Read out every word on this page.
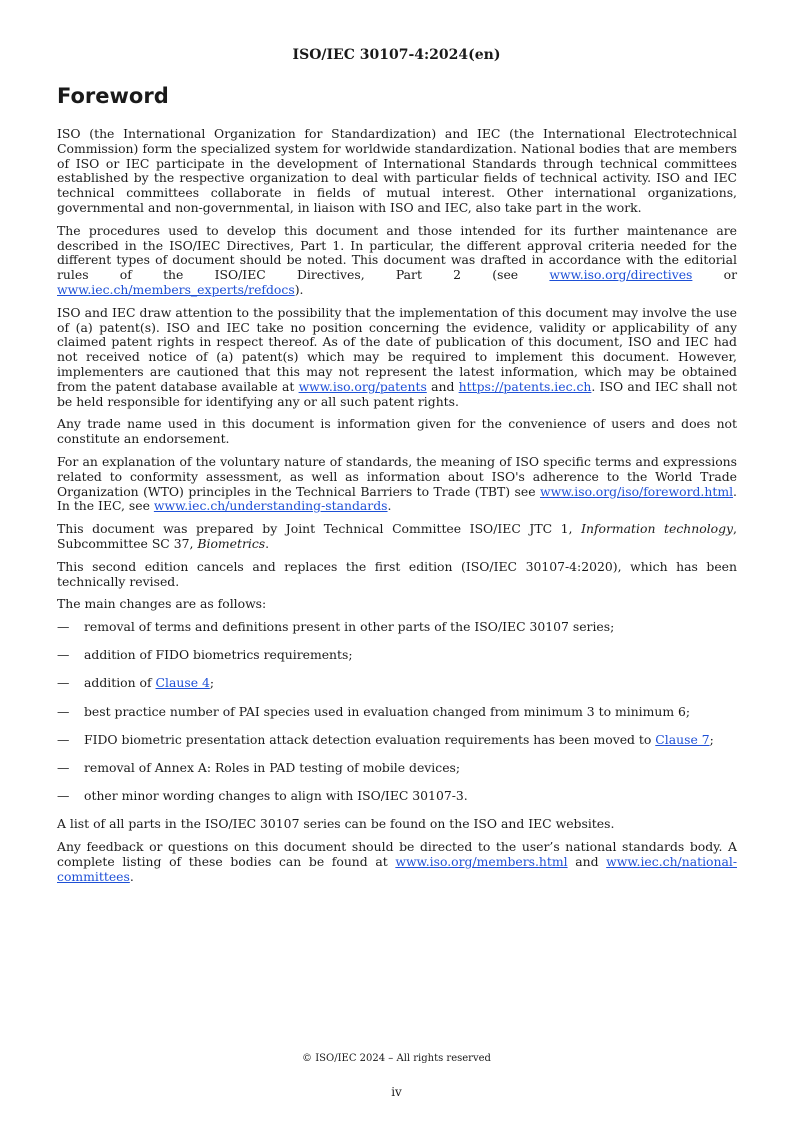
ISO/IEC 30107-4:2024(en)
Foreword

ISO (the International Organization for Standardization) and IEC (the International Electrotechnical Commission) form the specialized system for worldwide standardization. National bodies that are members of ISO or IEC participate in the development of International Standards through technical committees established by the respective organization to deal with particular fields of technical activity. ISO and IEC technical committees collaborate in fields of mutual interest. Other international organizations, governmental and non-governmental, in liaison with ISO and IEC, also take part in the work.

The procedures used to develop this document and those intended for its further maintenance are described in the ISO/IEC Directives, Part 1. In particular, the different approval criteria needed for the different types of document should be noted. This document was drafted in accordance with the editorial rules of the ISO/IEC Directives, Part 2 (see www.iso.org/directives or www.iec.ch/members_experts/refdocs).

ISO and IEC draw attention to the possibility that the implementation of this document may involve the use of (a) patent(s). ISO and IEC take no position concerning the evidence, validity or applicability of any claimed patent rights in respect thereof. As of the date of publication of this document, ISO and IEC had not received notice of (a) patent(s) which may be required to implement this document. However, implementers are cautioned that this may not represent the latest information, which may be obtained from the patent database available at www.iso.org/patents and https://patents.iec.ch. ISO and IEC shall not be held responsible for identifying any or all such patent rights.

Any trade name used in this document is information given for the convenience of users and does not constitute an endorsement.

For an explanation of the voluntary nature of standards, the meaning of ISO specific terms and expressions related to conformity assessment, as well as information about ISO's adherence to the World Trade Organization (WTO) principles in the Technical Barriers to Trade (TBT) see www.iso.org/iso/foreword.html. In the IEC, see www.iec.ch/understanding-standards.

This document was prepared by Joint Technical Committee ISO/IEC JTC 1, Information technology, Subcommittee SC 37, Biometrics.

This second edition cancels and replaces the first edition (ISO/IEC 30107-4:2020), which has been technically revised.

The main changes are as follows:

— removal of terms and definitions present in other parts of the ISO/IEC 30107 series;
— addition of FIDO biometrics requirements;
— addition of Clause 4;
— best practice number of PAI species used in evaluation changed from minimum 3 to minimum 6;
— FIDO biometric presentation attack detection evaluation requirements has been moved to Clause 7;
— removal of Annex A: Roles in PAD testing of mobile devices;
— other minor wording changes to align with ISO/IEC 30107-3.

A list of all parts in the ISO/IEC 30107 series can be found on the ISO and IEC websites.

Any feedback or questions on this document should be directed to the user’s national standards body. A complete listing of these bodies can be found at www.iso.org/members.html and www.iec.ch/national-committees.

© ISO/IEC 2024 – All rights reserved
iv
